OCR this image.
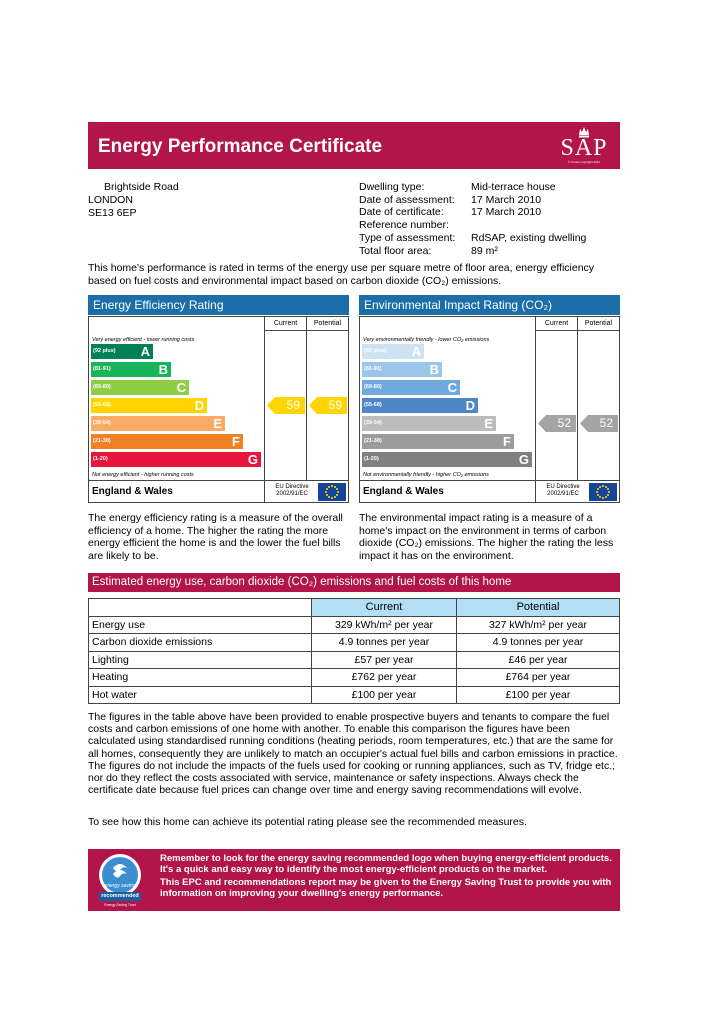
Energy Performance Certificate	SAP
© Crown copyright 2011
Brightside Road
LONDON
SE13 6EP
Dwelling type:	Mid-terrace house
Date of assessment:	17 March 2010
Date of certificate:	17 March 2010
Reference number:
Type of assessment:	RdSAP, existing dwelling
Total floor area:	89 m²
This home's performance is rated in terms of the energy use per square metre of floor area, energy efficiency based on fuel costs and environmental impact based on carbon dioxide (CO₂) emissions.
Energy Efficiency Rating
Current	Potential
Very energy efficient - lower running costs
(92 plus) A
(81-91)	B
(69-80)	C
(55-68)	D
(39-54)	E
(21-38)	F
(1-20)	G
Not energy efficient - higher running costs
59 59
England & Wales	EU Directive 2002/91/EC
Environmental Impact Rating (CO₂)
Current	Potential
Very environmentally friendly - lower CO₂ emissions
(92 plus) A
(81-91)	B
(69-80)	C
(55-68)	D
(39-54)	E
(21-38)	F
(1-20)	G
Not environmentally friendly - higher CO₂ emissions
52 52
England & Wales	EU Directive 2002/91/EC
The energy efficiency rating is a measure of the overall efficiency of a home. The higher the rating the more energy efficient the home is and the lower the fuel bills are likely to be.
The environmental impact rating is a measure of a home's impact on the environment in terms of carbon dioxide (CO₂) emissions. The higher the rating the less impact it has on the environment.
Estimated energy use, carbon dioxide (CO₂) emissions and fuel costs of this home
	Current	Potential
Energy use	329 kWh/m² per year	327 kWh/m² per year
Carbon dioxide emissions	4.9 tonnes per year	4.9 tonnes per year
Lighting	£57 per year	£46 per year
Heating	£762 per year	£764 per year
Hot water	£100 per year	£100 per year
The figures in the table above have been provided to enable prospective buyers and tenants to compare the fuel costs and carbon emissions of one home with another. To enable this comparison the figures have been calculated using standardised running conditions (heating periods, room temperatures, etc.) that are the same for all homes, consequently they are unlikely to match an occupier's actual fuel bills and carbon emissions in practice. The figures do not include the impacts of the fuels used for cooking or running appliances, such as TV, fridge etc.; nor do they reflect the costs associated with service, maintenance or safety inspections. Always check the certificate date because fuel prices can change over time and energy saving recommendations will evolve.
To see how this home can achieve its potential rating please see the recommended measures.
energy saving
recommended
Energy Saving Trust
Remember to look for the energy saving recommended logo when buying energy-efficient products. It's a quick and easy way to identify the most energy-efficient products on the market.
This EPC and recommendations report may be given to the Energy Saving Trust to provide you with information on improving your dwelling's energy performance.
